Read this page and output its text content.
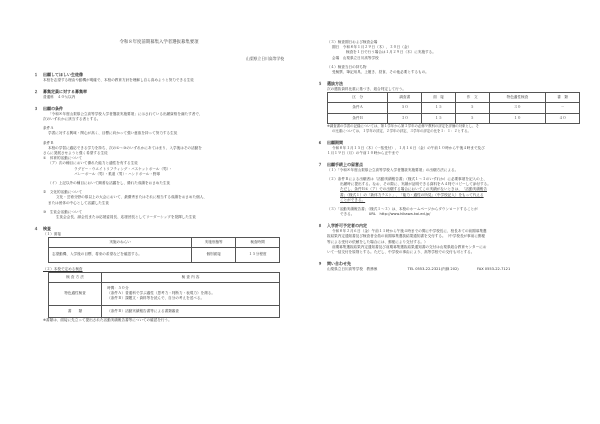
令和８年度前期募集入学者選抜募集要項
山梨県立日川高等学校
１ 出願してほしい生徒像
本校を志望する理由や動機が明確で、本校の教育方針を理解し自ら高めようと努力できる生徒
２ 募集定員に対する募集率
普通科　４０％以内
３ 出願の条件
「令和８年度山梨県公立高等学校入学者選抜実施要項」に示されている出願資格を満たす者で、
次のいずれかに該当する者とする。
条件Ａ
学習に対する興味・関心が高く、目標に向かって強い意欲を持って努力する生徒
条件Ｂ
本校の学習に適応できる学力を持ち、次の①～③のいずれかにあてはまり、入学後はその活動を
さらに発展させようと強く希望する生徒
①　体育的活動について
（ア）次の種目において優れた能力と適性を有する生徒
ラグビー・ウエイトリフティング・バスケットボール（男）・
バレーボール（男）・柔道（男）・ハンドボール・野球
（イ）上記以外の種目において顕著な活躍をし、優れた成績をおさめた生徒
②　文化的活動について
文化・芸術分野の県以上の大会において、最優秀またはそれに相当する成績をおさめた個人、
または団体の中心として活躍した生徒
③　生徒会活動について
生徒会会長、副会長または応援委員長、応援団長としてリーダーシップを発揮した生徒
４ 検査
（１）面接
実施のねらい	実施形態等	検査時間
志望動機、入学後の目標、将来の希望などを確認する。	個別面接	１５分程度
（２）本校で定める検査
検 査 方 法	検 査 内 容
特色適性検査	時間：５０分
（条件Ａ）普通科で学ぶ適性（思考力・判断力・表現力）を測る。
（条件Ｂ）課題文・資料等を読んで、自分の考えを述べる。

書　　類	（条件Ｂ）活動実績報告書等による書類審査
※書類は、面接に先立って提出された活動実績報告書等についての確認を行う。
（３）検査期日および検査会場
期日　 令和８年１月２９日（木）、３０日（金）
検査を１日で行う場合は１月２９日（木）に実施する。
会場　 山梨県立日川高等学校
（４）検査当日の持ち物
受検票、筆記用具、上履き、昼食、その他必要とするもの。
５ 選抜方法
次の選抜資料比重に基づき、総合判定して行う。
区　分	調査書	面　接	作　文	特色適性検査	書　類
条件Ａ	５０	１５	５	３０	－
条件Ｂ	３０	１５	５	１０	４０
※調査書の学習の記録については、第１学年から第３学年の必修９教科の評定を評価の対象とし、そ
の比重については、１学年の評定、２学年の評定、３学年の評定の比を１：１：２とする。
６ 出願期間
令和８年１月１５日（木）（一括受付）、１月１６日（金）の午前１０時から午後４時まで及び
１月１９日（月）の午前１０時から正午まで
７ 出願手続上の留意点
（１）「令和８年度山梨県公立高等学校入学者選抜実施要項」の出願方法による。
（２）条件Ｂによる出願者は「活動実績報告書」（様式１～３のいずれか）に必要事項を記入の上、
出願時に提出する。なお、その際に、実績が証明できる資料をＡ４判でコピーして添付する。
ただし、条件Ｂ①（ア）での出願する場合においてこの実績がないときは、「活動実績報告
書」（様式１）の「新体力テスト」、「能力・適性の所見」（中学校記入）をもって代える
ことができる。
（３）「活動実績報告書」（様式１～３）は、本校のホームページからダウンロードすることが
できる。　　　　	URL　 http://www.hikawa.kai.ed.jp/
８ 入学許可予定者の内定
令和８年２月６日（金）午前１１時から午後４時までの間に中学校長に、校長あての前期募集選
抜結果内定通知書及び検査者全員の前期募集選抜結果通知書を交付する。（中学校長が事前に郵便
等による受付の依頼をした場合には、郵便により交付する。）
前期募集選抜結果内定通知書及び前期募集選抜結果通知書の交付は山梨県総合教育センターにお
いて一括交付を原則とする。ただし、中学校の事由により、高等学校での交付も可とする。
９ 問い合わせ先
山梨県立日川高等学校　教務係	TEL 0553-22-2321(内線 202)	FAX 0553-22-7121
